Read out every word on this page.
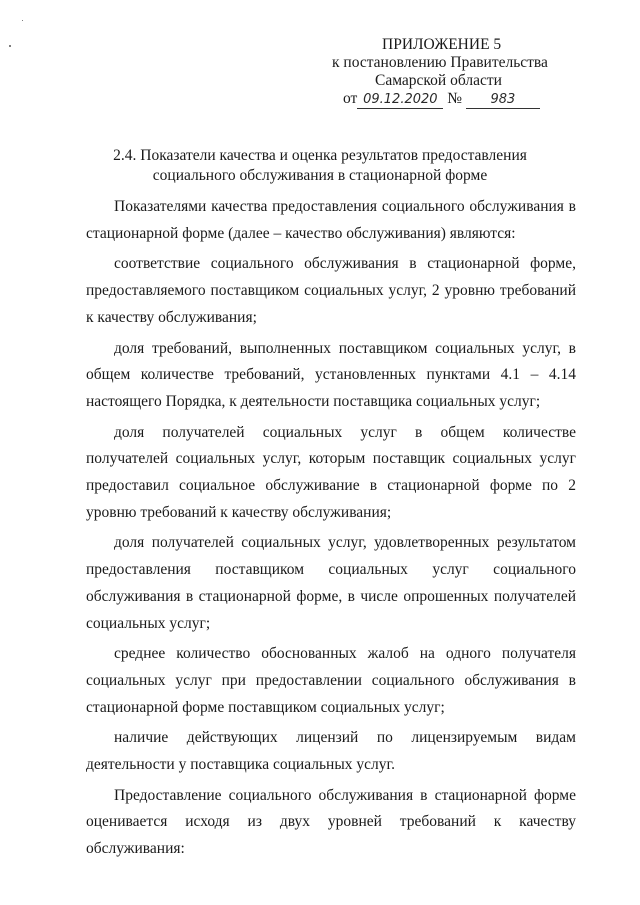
ПРИЛОЖЕНИЕ 5
к постановлению Правительства
Самарской области
от 09.12.2020 № 983
2.4. Показатели качества и оценка результатов предоставления
социального обслуживания в стационарной форме

Показателями качества предоставления социального обслуживания в стационарной форме (далее – качество обслуживания) являются:

соответствие социального обслуживания в стационарной форме, предоставляемого поставщиком социальных услуг, 2 уровню требований к качеству обслуживания;

доля требований, выполненных поставщиком социальных услуг, в общем количестве требований, установленных пунктами 4.1 – 4.14 настоящего Порядка, к деятельности поставщика социальных услуг;

доля получателей социальных услуг в общем количестве получателей социальных услуг, которым поставщик социальных услуг предоставил социальное обслуживание в стационарной форме по 2 уровню требований к качеству обслуживания;

доля получателей социальных услуг, удовлетворенных результатом предоставления поставщиком социальных услуг социального обслуживания в стационарной форме, в числе опрошенных получателей социальных услуг;

среднее количество обоснованных жалоб на одного получателя социальных услуг при предоставлении социального обслуживания в стационарной форме поставщиком социальных услуг;

наличие действующих лицензий по лицензируемым видам деятельности у поставщика социальных услуг.

Предоставление социального обслуживания в стационарной форме оценивается исходя из двух уровней требований к качеству обслуживания:
